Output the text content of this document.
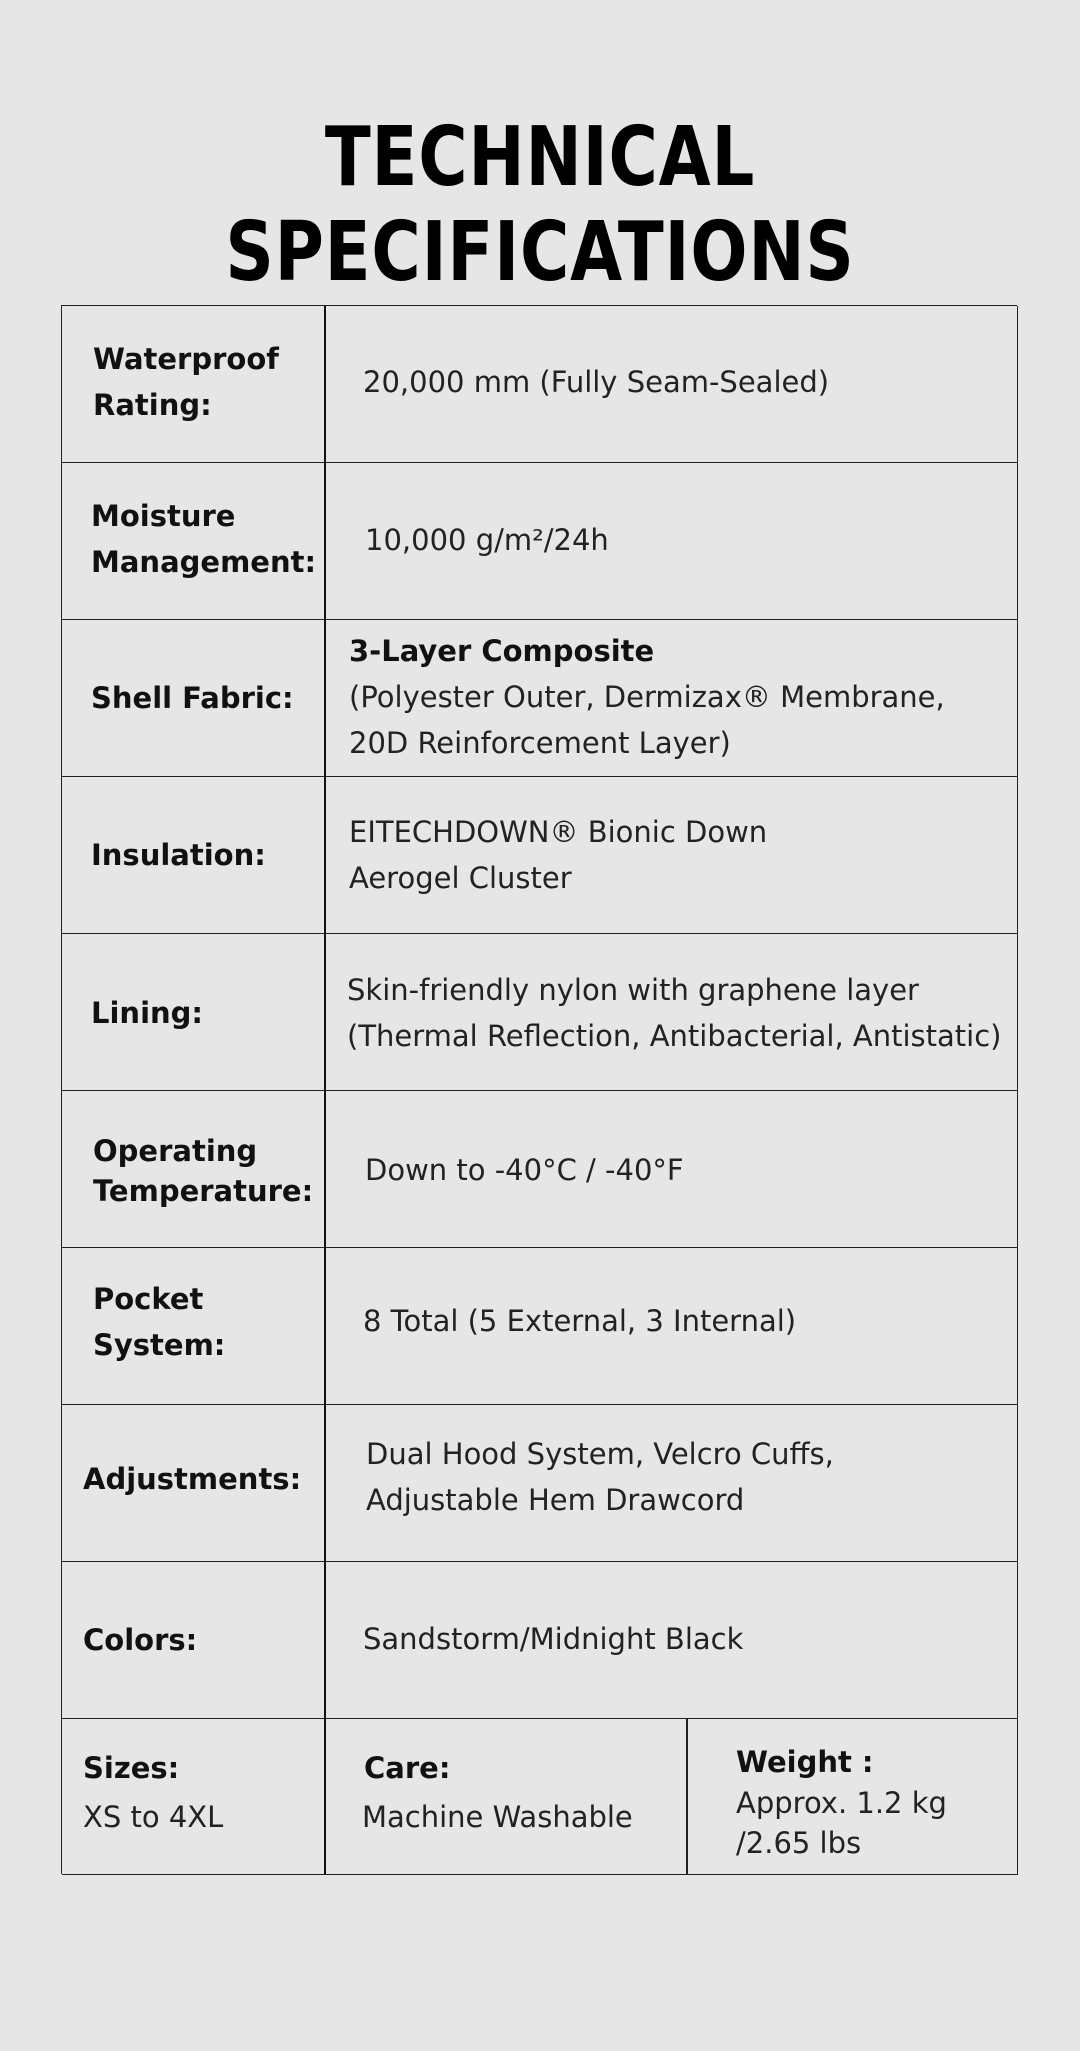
TECHNICAL SPECIFICATIONS
Waterproof
Rating:
20,000 mm (Fully Seam-Sealed)
Moisture
Management:
10,000 g/m²/24h
Shell Fabric:
3-Layer Composite
(Polyester Outer, Dermizax® Membrane,
20D Reinforcement Layer)
Insulation:
EITECHDOWN® Bionic Down
Aerogel Cluster
Lining:
Skin-friendly nylon with graphene layer
(Thermal Reflection, Antibacterial, Antistatic)
Operating
Temperature:
Down to -40°C / -40°F
Pocket
System:
8 Total (5 External, 3 Internal)
Adjustments:
Dual Hood System, Velcro Cuffs,
Adjustable Hem Drawcord
Colors:	Sandstorm/Midnight Black
Sizes:
XS to 4XL
Care:
Machine Washable
Weight :
Approx. 1.2 kg
/2.65 lbs
